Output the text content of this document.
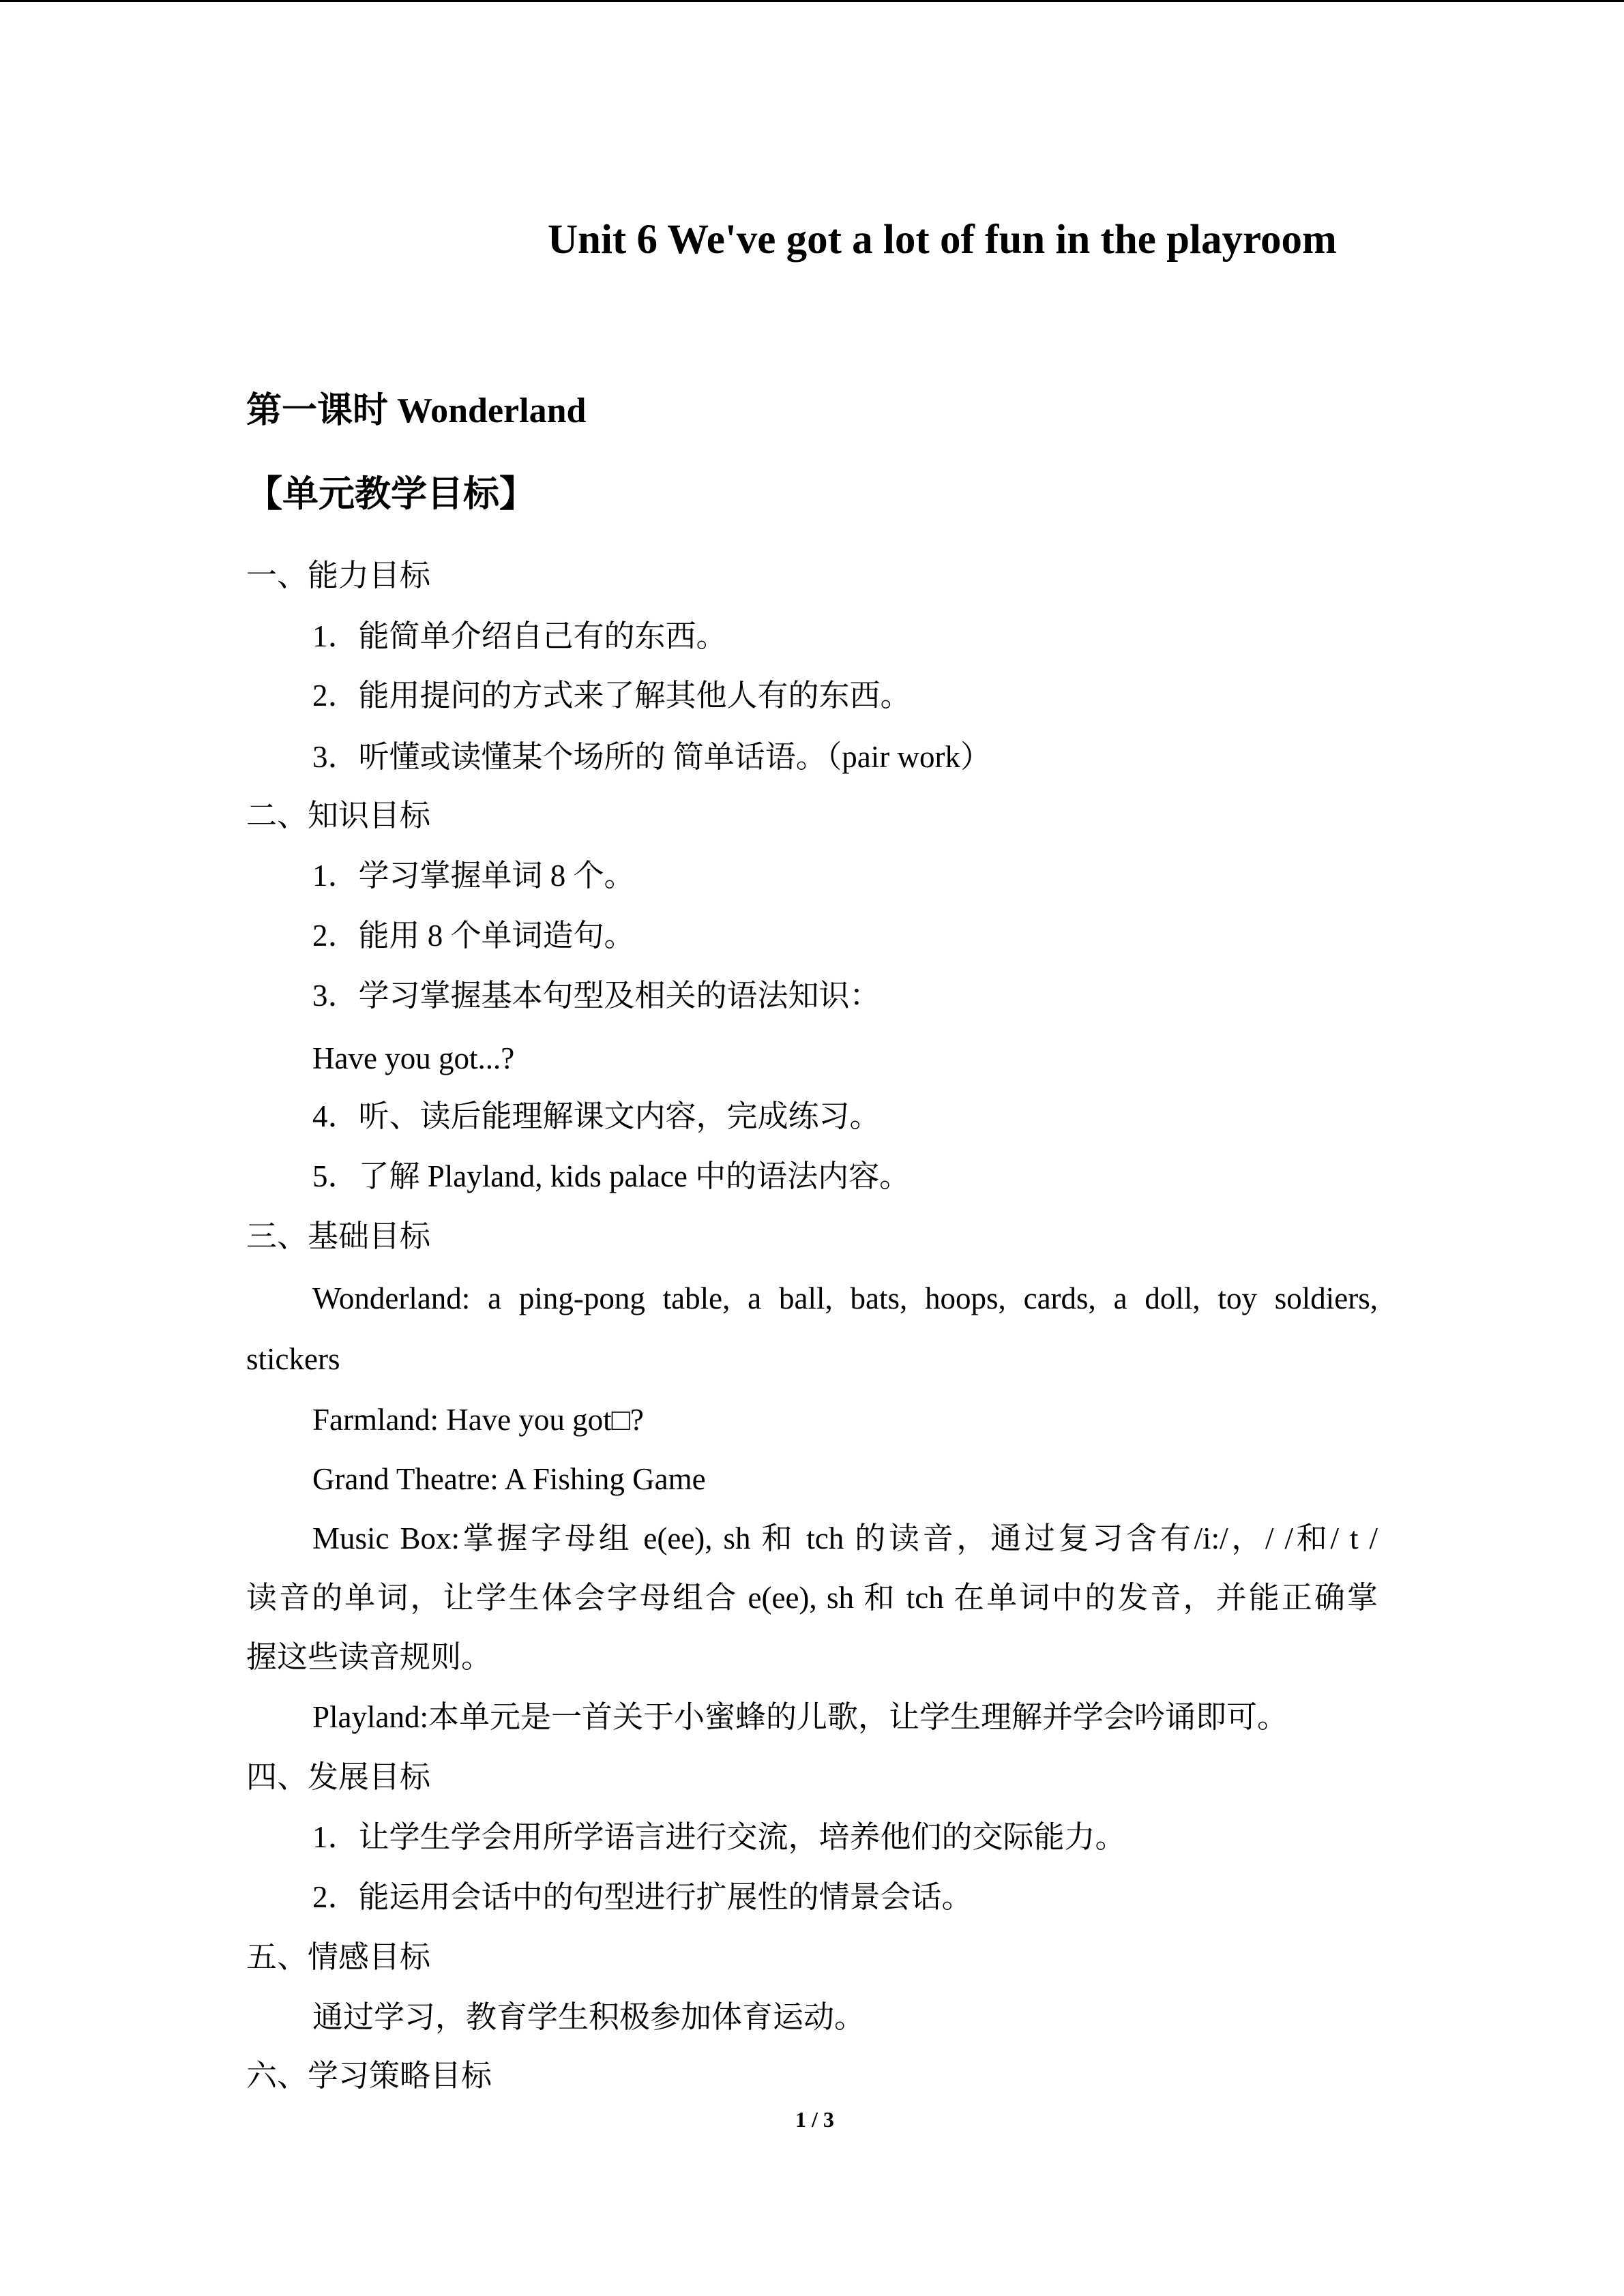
Unit 6 We've got a lot of fun in the playroom
第一课时 Wonderland
【单元教学目标】
一、能力目标
1．能简单介绍自己有的东西。
2．能用提问的方式来了解其他人有的东西。
3．听懂或读懂某个场所的 简单话语。（pair work）
二、知识目标
1．学习掌握单词 8 个。
2．能用 8 个单词造句。
3．学习掌握基本句型及相关的语法知识：
Have you got...?
4．听、读后能理解课文内容，完成练习。
5．了解 Playland, kids palace 中的语法内容。
三、基础目标
Wonderland: a ping-pong table, a ball, bats, hoops, cards, a doll, toy soldiers,
stickers
Farmland: Have you got□?
Grand Theatre: A Fishing Game
Music Box:掌握字母组 e(ee), sh 和 tch 的读音，通过复习含有/i:/，/ /和/ t /
读音的单词，让学生体会字母组合 e(ee), sh 和 tch 在单词中的发音，并能正确掌
握这些读音规则。
Playland:本单元是一首关于小蜜蜂的儿歌，让学生理解并学会吟诵即可。
四、发展目标
1．让学生学会用所学语言进行交流，培养他们的交际能力。
2．能运用会话中的句型进行扩展性的情景会话。
五、情感目标
通过学习，教育学生积极参加体育运动。
六、学习策略目标
1 / 3
